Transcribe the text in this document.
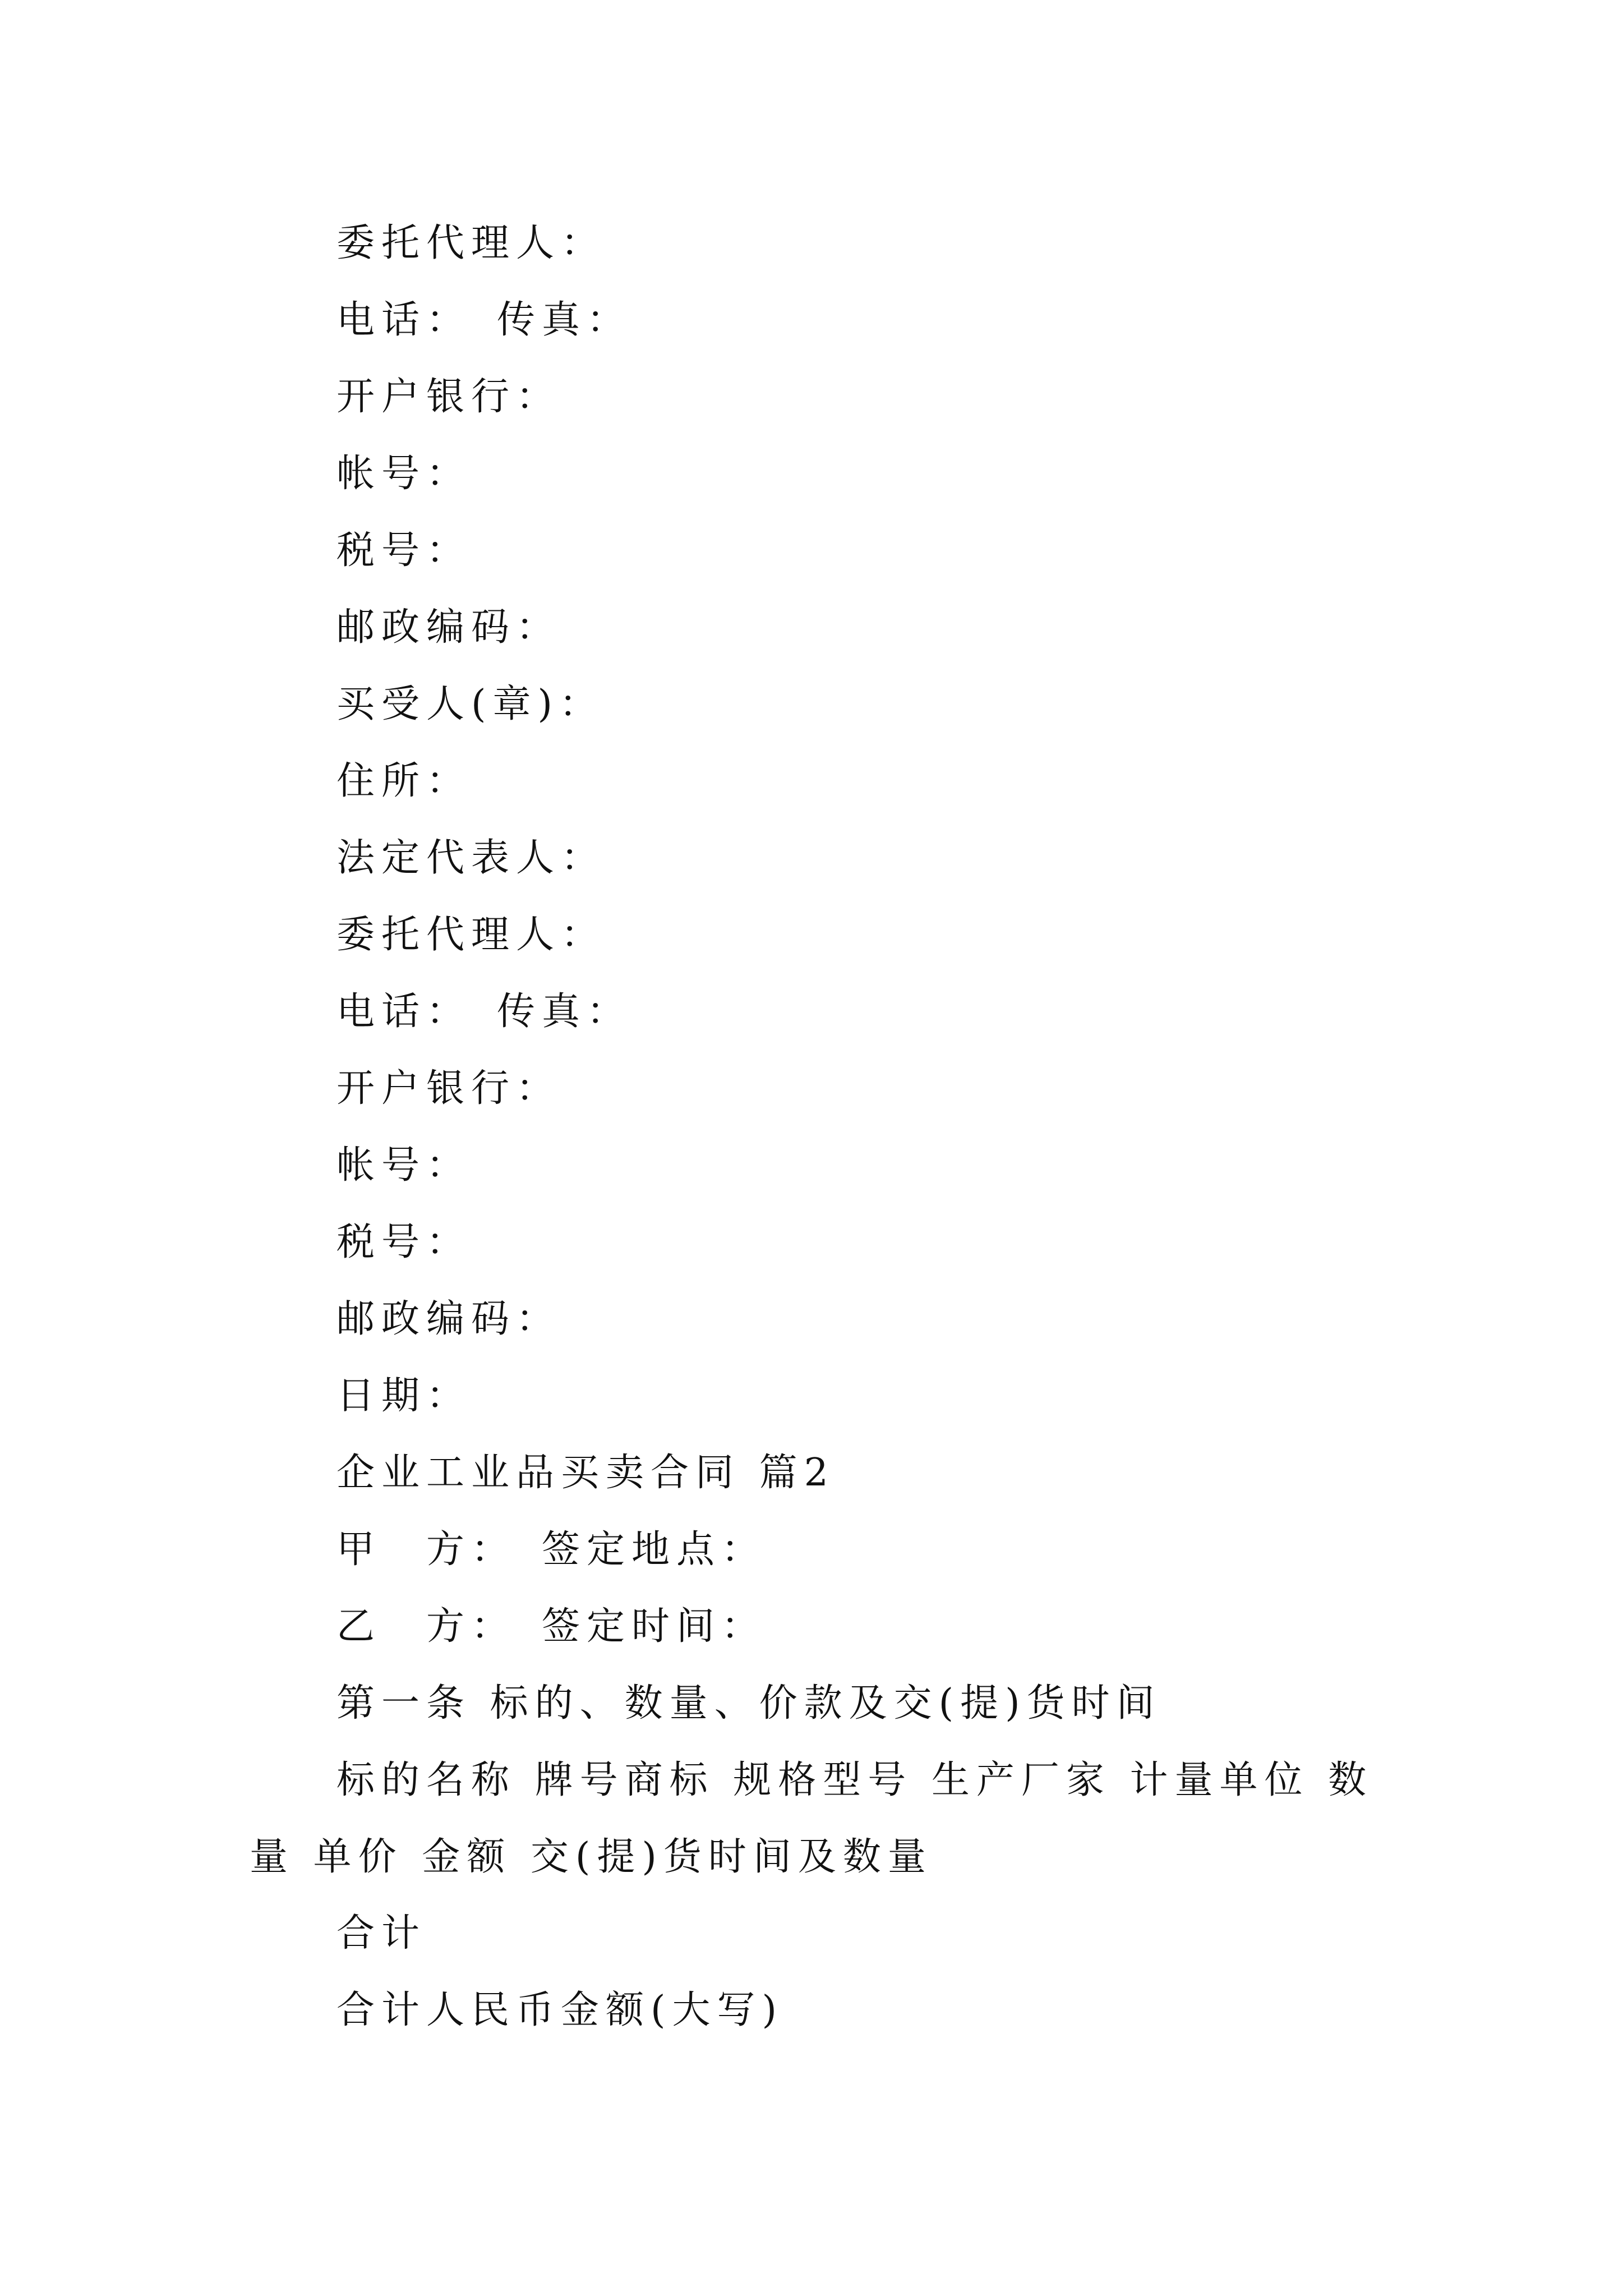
委托代理人：
电话：　传真：
开户银行：
帐号：
税号：
邮政编码：
买受人(章)：
住所：
法定代表人：
委托代理人：
电话：　传真：
开户银行：
帐号：
税号：
邮政编码：
日期：
企业工业品买卖合同 篇2
甲　方：　签定地点：
乙　方：　签定时间：
第一条 标的、数量、价款及交(提)货时间
标的名称 牌号商标 规格型号 生产厂家 计量单位 数量 单价 金额 交(提)货时间及数量
合计
合计人民币金额(大写)
